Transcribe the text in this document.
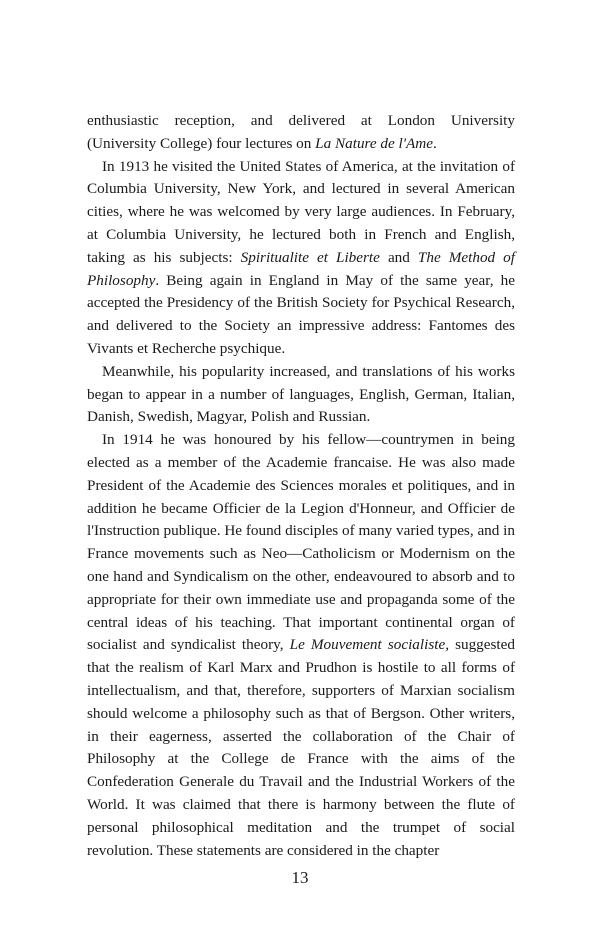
enthusiastic reception, and delivered at London University (University College) four lectures on La Nature de l'Ame.

In 1913 he visited the United States of America, at the invitation of Columbia University, New York, and lectured in several American cities, where he was welcomed by very large audiences. In February, at Columbia University, he lectured both in French and English, taking as his subjects: Spiritualite et Liberte and The Method of Philosophy. Being again in England in May of the same year, he accepted the Presidency of the British Society for Psychical Research, and delivered to the Society an impressive address: Fantomes des Vivants et Recherche psychique.

Meanwhile, his popularity increased, and translations of his works began to appear in a number of languages, English, German, Italian, Danish, Swedish, Magyar, Polish and Russian.

In 1914 he was honoured by his fellow—countrymen in being elected as a member of the Academie francaise. He was also made President of the Academie des Sciences morales et politiques, and in addition he became Officier de la Legion d'Honneur, and Officier de l'Instruction publique. He found disciples of many varied types, and in France movements such as Neo—Catholicism or Modernism on the one hand and Syndicalism on the other, endeavoured to absorb and to appropriate for their own immediate use and propaganda some of the central ideas of his teaching. That important continental organ of socialist and syndicalist theory, Le Mouvement socialiste, suggested that the realism of Karl Marx and Prudhon is hostile to all forms of intellectualism, and that, therefore, supporters of Marxian socialism should welcome a philosophy such as that of Bergson. Other writers, in their eagerness, asserted the collaboration of the Chair of Philosophy at the College de France with the aims of the Confederation Generale du Travail and the Industrial Workers of the World. It was claimed that there is harmony between the flute of personal philosophical meditation and the trumpet of social revolution. These statements are considered in the chapter

13
